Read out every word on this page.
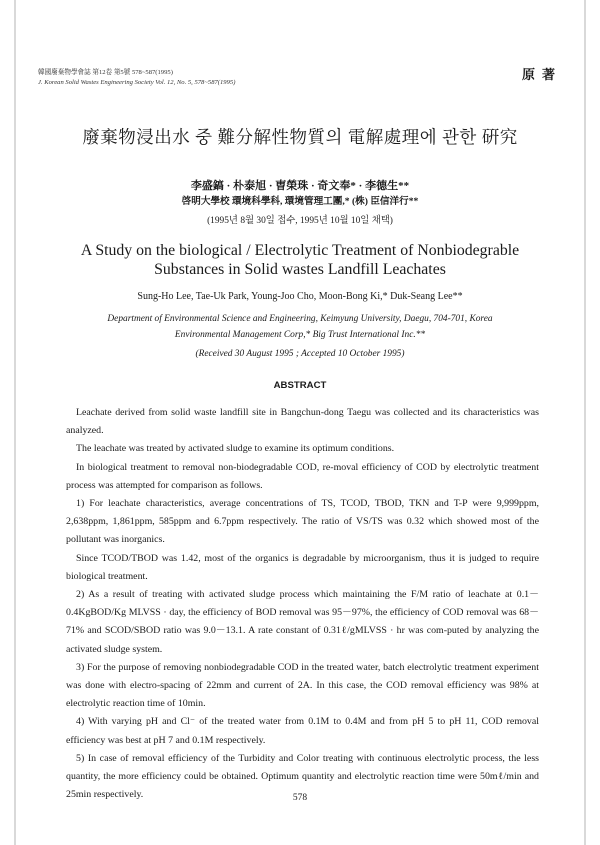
韓國廢棄物學會誌 第12卷 第5號 578~587(1995)
J. Korean Solid Wastes Engineering Society Vol. 12, No. 5, 578~587(1995)
原著
廢棄物浸出水 중 難分解性物質의 電解處理에 관한 硏究
李盛鎬 · 朴泰旭 · 曺榮珠 · 奇文奉* · 李德生**
啓明大學校 環境科學科, 環境管理工團,* (株) 臣信洋行**
(1995년 8월 30일 접수, 1995년 10월 10일 채택)
A Study on the biological / Electrolytic Treatment of Nonbiodegrable
Substances in Solid wastes Landfill Leachates
Sung-Ho Lee, Tae-Uk Park, Young-Joo Cho, Moon-Bong Ki,* Duk-Seang Lee**
Department of Environmental Science and Engineering, Keimyung University, Daegu, 704-701, Korea
Environmental Management Corp,* Big Trust International Inc.**
(Received 30 August 1995 ; Accepted 10 October 1995)
ABSTRACT

Leachate derived from solid waste landfill site in Bangchun-dong Taegu was collected and its characteristics was analyzed.

The leachate was treated by activated sludge to examine its optimum conditions.

In biological treatment to removal non-biodegradable COD, re-moval efficiency of COD by electrolytic treatment process was attempted for comparison as follows.

1) For leachate characteristics, average concentrations of TS, TCOD, TBOD, TKN and T-P were 9,999ppm, 2,638ppm, 1,861ppm, 585ppm and 6.7ppm respectively. The ratio of VS/TS was 0.32 which showed most of the pollutant was inorganics.

Since TCOD/TBOD was 1.42, most of the organics is degradable by microorganism, thus it is judged to require biological treatment.

2) As a result of treating with activated sludge process which maintaining the F/M ratio of leachate at 0.1－0.4KgBOD/Kg MLVSS · day, the efficiency of BOD removal was 95－97%, the efficiency of COD removal was 68－71% and SCOD/SBOD ratio was 9.0－13.1. A rate constant of 0.31ℓ/gMLVSS · hr was com-puted by analyzing the activated sludge system.

3) For the purpose of removing nonbiodegradable COD in the treated water, batch electrolytic treatment experiment was done with electro-spacing of 22mm and current of 2A. In this case, the COD removal efficiency was 98% at electrolytic reaction time of 10min.

4) With varying pH and Cl⁻ of the treated water from 0.1M to 0.4M and from pH 5 to pH 11, COD removal efficiency was best at pH 7 and 0.1M respectively.

5) In case of removal efficiency of the Turbidity and Color treating with continuous electrolytic process, the less quantity, the more efficiency could be obtained. Optimum quantity and electrolytic reaction time were 50mℓ/min and 25min respectively.	578
